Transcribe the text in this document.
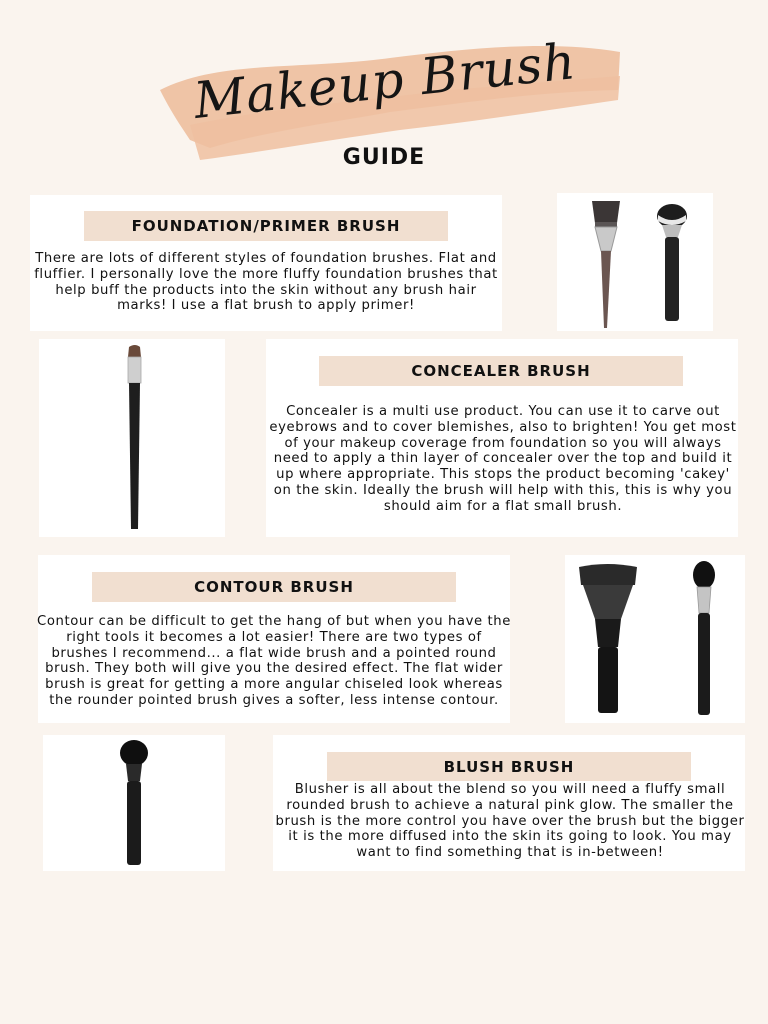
Makeup Brush
GUIDE
FOUNDATION/PRIMER BRUSH
There are lots of different styles of foundation brushes. Flat and fluffier. I personally love the more fluffy foundation brushes that help buff the products into the skin without any brush hair marks! I use a flat brush to apply primer!
CONCEALER BRUSH
Concealer is a multi use product. You can use it to carve out eyebrows and to cover blemishes, also to brighten! You get most of your makeup coverage from foundation so you will always need to apply a thin layer of concealer over the top and build it up where appropriate. This stops the product becoming 'cakey' on the skin. Ideally the brush will help with this, this is why you should aim for a flat small brush.
CONTOUR BRUSH
Contour can be difficult to get the hang of but when you have the right tools it becomes a lot easier! There are two types of brushes I recommend... a flat wide brush and a pointed round brush. They both will give you the desired effect. The flat wider brush is great for getting a more angular chiseled look whereas the rounder pointed brush gives a softer, less intense contour.
BLUSH BRUSH
Blusher is all about the blend so you will need a fluffy small rounded brush to achieve a natural pink glow. The smaller the brush is the more control you have over the brush but the bigger it is the more diffused into the skin its going to look. You may want to find something that is in-between!
